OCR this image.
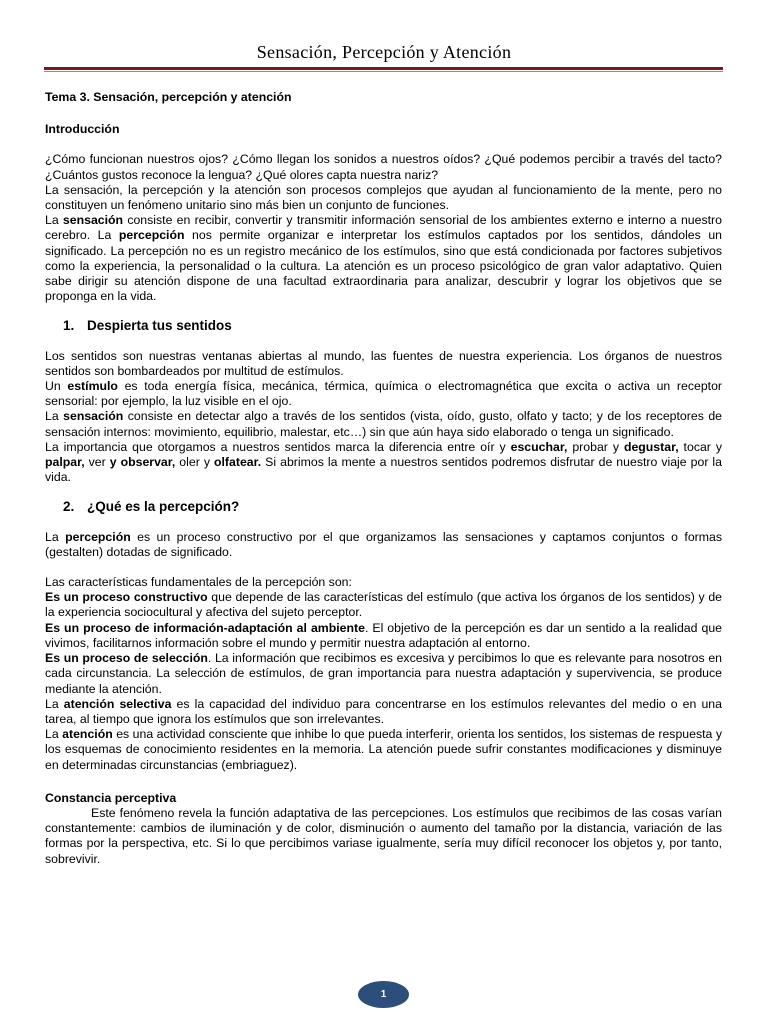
Sensación, Percepción y Atención

Tema 3. Sensación, percepción y atención

Introducción

¿Cómo funcionan nuestros ojos? ¿Cómo llegan los sonidos a nuestros oídos? ¿Qué podemos percibir a través del tacto? ¿Cuántos gustos reconoce la lengua? ¿Qué olores capta nuestra nariz?

La sensación, la percepción y la atención son procesos complejos que ayudan al funcionamiento de la mente, pero no constituyen un fenómeno unitario sino más bien un conjunto de funciones.

La sensación consiste en recibir, convertir y transmitir información sensorial de los ambientes externo e interno a nuestro cerebro. La percepción nos permite organizar e interpretar los estímulos captados por los sentidos, dándoles un significado. La percepción no es un registro mecánico de los estímulos, sino que está condicionada por factores subjetivos como la experiencia, la personalidad o la cultura. La atención es un proceso psicológico de gran valor adaptativo. Quien sabe dirigir su atención dispone de una facultad extraordinaria para analizar, descubrir y lograr los objetivos que se proponga en la vida.

1. Despierta tus sentidos

Los sentidos son nuestras ventanas abiertas al mundo, las fuentes de nuestra experiencia. Los órganos de nuestros sentidos son bombardeados por multitud de estímulos.

Un estímulo es toda energía física, mecánica, térmica, química o electromagnética que excita o activa un receptor sensorial: por ejemplo, la luz visible en el ojo.

La sensación consiste en detectar algo a través de los sentidos (vista, oído, gusto, olfato y tacto; y de los receptores de sensación internos: movimiento, equilibrio, malestar, etc…) sin que aún haya sido elaborado o tenga un significado.

La importancia que otorgamos a nuestros sentidos marca la diferencia entre oír y escuchar, probar y degustar, tocar y palpar, ver y observar, oler y olfatear. Si abrimos la mente a nuestros sentidos podremos disfrutar de nuestro viaje por la vida.

2. ¿Qué es la percepción?

La percepción es un proceso constructivo por el que organizamos las sensaciones y captamos conjuntos o formas (gestalten) dotadas de significado.

Las características fundamentales de la percepción son:

Es un proceso constructivo que depende de las características del estímulo (que activa los órganos de los sentidos) y de la experiencia sociocultural y afectiva del sujeto perceptor.

Es un proceso de información-adaptación al ambiente. El objetivo de la percepción es dar un sentido a la realidad que vivimos, facilitarnos información sobre el mundo y permitir nuestra adaptación al entorno.

Es un proceso de selección. La información que recibimos es excesiva y percibimos lo que es relevante para nosotros en cada circunstancia. La selección de estímulos, de gran importancia para nuestra adaptación y supervivencia, se produce mediante la atención.

La atención selectiva es la capacidad del individuo para concentrarse en los estímulos relevantes del medio o en una tarea, al tiempo que ignora los estímulos que son irrelevantes.

La atención es una actividad consciente que inhibe lo que pueda interferir, orienta los sentidos, los sistemas de respuesta y los esquemas de conocimiento residentes en la memoria. La atención puede sufrir constantes modificaciones y disminuye en determinadas circunstancias (embriaguez).

Constancia perceptiva

Este fenómeno revela la función adaptativa de las percepciones. Los estímulos que recibimos de las cosas varían constantemente: cambios de iluminación y de color, disminución o aumento del tamaño por la distancia, variación de las formas por la perspectiva, etc. Si lo que percibimos variase igualmente, sería muy difícil reconocer los objetos y, por tanto, sobrevivir.

1
